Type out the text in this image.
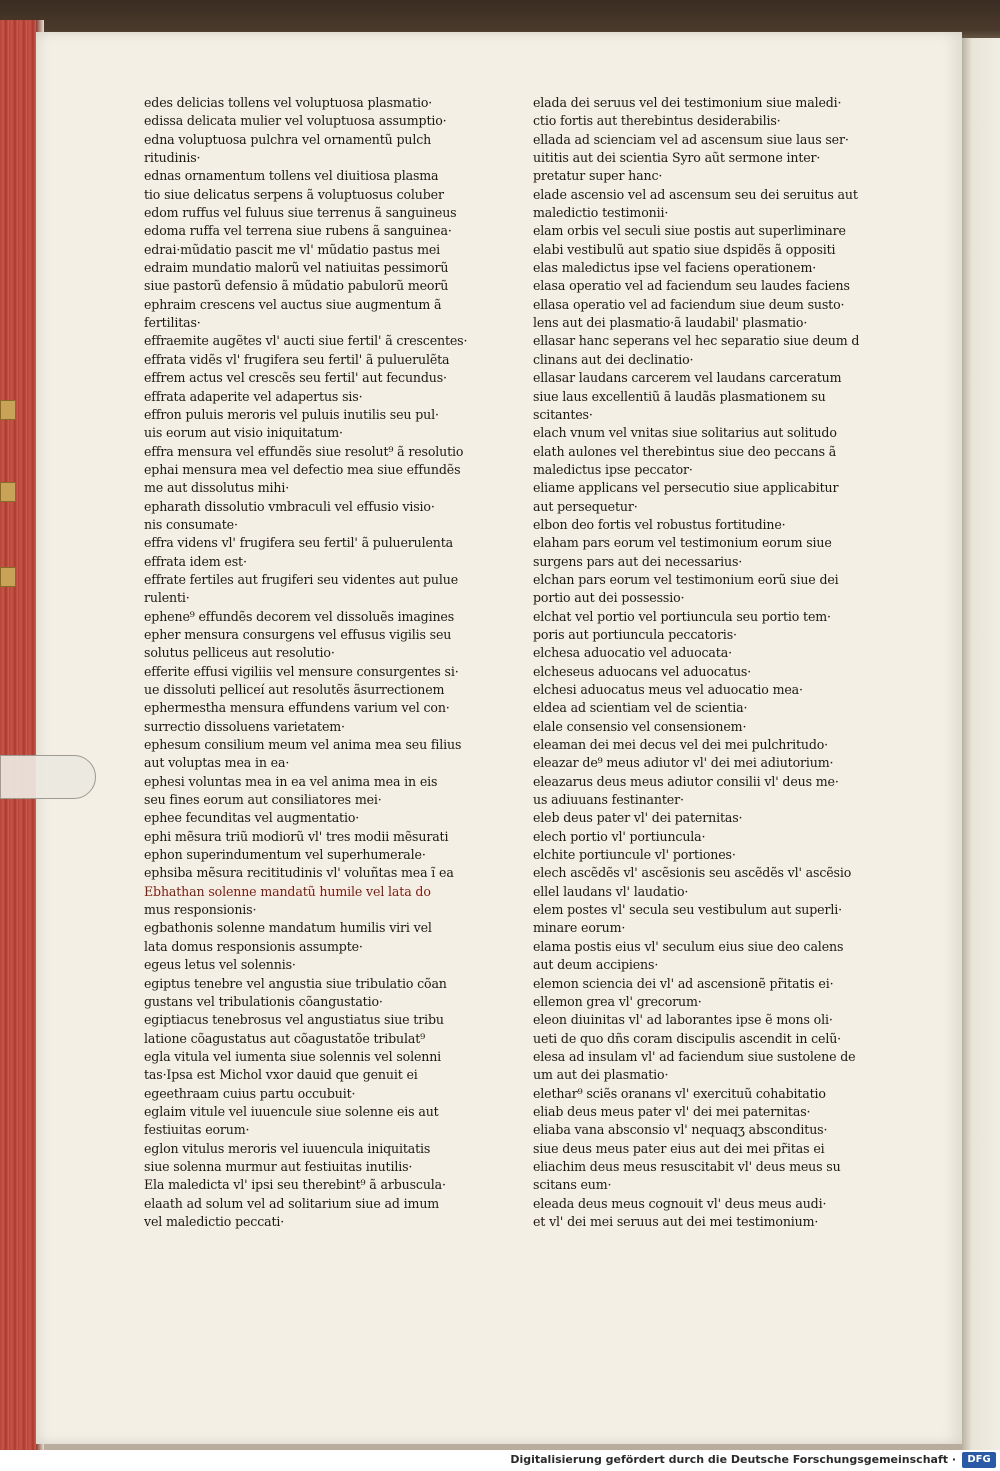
edes delicias tollens vel voluptuosa plasmatio·
edissa delicata mulier vel voluptuosa assumptio·
edna voluptuosa pulchra vel ornamentũ pulch
ritudinis·
ednas ornamentum tollens vel diuitiosa plasma
tio siue delicatus serpens ã voluptuosus coluber
edom ruffus vel fuluus siue terrenus ã sanguineus
edoma ruffa vel terrena siue rubens ã sanguinea·
edrai·mũdatio pascit me vl' mũdatio pastus mei
edraim mundatio malorũ vel natiuitas pessimorũ
siue pastorũ defensio ã mũdatio pabulorũ meorũ
ephraim crescens vel auctus siue augmentum ã
fertilitas·
effraemite augẽtes vl' aucti siue fertil' ã crescentes·
effrata vidẽs vl' frugifera seu fertil' ã puluerulẽta
effrem actus vel crescẽs seu fertil' aut fecundus·
effrata adaperite vel adapertus sis·
effron puluis meroris vel puluis inutilis seu pul·
uis eorum aut visio iniquitatum·
effra mensura vel effundẽs siue resolut⁹ ã resolutio
ephai mensura mea vel defectio mea siue effundẽs
me aut dissolutus mihi·
epharath dissolutio vmbraculi vel effusio visio·
nis consumate·
effra videns vl' frugifera seu fertil' ã puluerulenta
effrata idem est·
effrate fertiles aut frugiferi seu videntes aut pulue
rulenti·
ephene⁹ effundẽs decorem vel dissoluẽs imagines
epher mensura consurgens vel effusus vigilis seu
solutus pelliceus aut resolutio·
efferite effusi vigiliis vel mensure consurgentes si·
ue dissoluti pelliceí aut resolutẽs ãsurrectionem
ephermestha mensura effundens varium vel con·
surrectio dissoluens varietatem·
ephesum consilium meum vel anima mea seu filius
aut voluptas mea in ea·
ephesi voluntas mea in ea vel anima mea in eis
seu fines eorum aut consiliatores mei·
ephee fecunditas vel augmentatio·
ephi mẽsura triũ modiorũ vl' tres modii mẽsurati
ephon superindumentum vel superhumerale·
ephsiba mẽsura recititudinis vl' voluñtas mea ĩ ea
Ebhathan solenne mandatũ humile vel lata do
mus responsionis·
egbathonis solenne mandatum humilis viri vel
lata domus responsionis assumpte·
egeus letus vel solennis·
egiptus tenebre vel angustia siue tribulatio cõan
gustans vel tribulationis cõangustatio·
egiptiacus tenebrosus vel angustiatus siue tribu
latione cõagustatus aut cõagustatõe tribulat⁹
egla vitula vel iumenta siue solennis vel solenni
tas·Ipsa est Michol vxor dauid que genuit ei
egeethraam cuius partu occubuit·
eglaim vitule vel iuuencule siue solenne eis aut
festiuitas eorum·
eglon vitulus meroris vel iuuencula iniquitatis
siue solenna murmur aut festiuitas inutilis·
Ela maledicta vl' ipsi seu therebint⁹ ã arbuscula·
elaath ad solum vel ad solitarium siue ad imum
vel maledictio peccati·
elada dei seruus vel dei testimonium siue maledi·
ctio fortis aut therebintus desiderabilis·
ellada ad scienciam vel ad ascensum siue laus ser·
uititis aut dei scientia Syro aũt sermone inter·
pretatur super hanc·
elade ascensio vel ad ascensum seu dei seruitus aut
maledictio testimonii·
elam orbis vel seculi siue postis aut superliminare
elabi vestibulũ aut spatio siue dspidẽs ã oppositi
elas maledictus ipse vel faciens operationem·
elasa operatio vel ad faciendum seu laudes faciens
ellasa operatio vel ad faciendum siue deum susto·
lens aut dei plasmatio·ã laudabil' plasmatio·
ellasar hanc seperans vel hec separatio siue deum d
clinans aut dei declinatio·
ellasar laudans carcerem vel laudans carceratum
siue laus excellentiũ ã laudãs plasmationem su
scitantes·
elach vnum vel vnitas siue solitarius aut solitudo
elath aulones vel therebintus siue deo peccans ã
maledictus ipse peccator·
eliame applicans vel persecutio siue applicabitur
aut persequetur·
elbon deo fortis vel robustus fortitudine·
elaham pars eorum vel testimonium eorum siue
surgens pars aut dei necessarius·
elchan pars eorum vel testimonium eorũ siue dei
portio aut dei possessio·
elchat vel portio vel portiuncula seu portio tem·
poris aut portiuncula peccatoris·
elchesa aduocatio vel aduocata·
elcheseus aduocans vel aduocatus·
elchesi aduocatus meus vel aduocatio mea·
eldea ad scientiam vel de scientia·
elale consensio vel consensionem·
eleaman dei mei decus vel dei mei pulchritudo·
eleazar de⁹ meus adiutor vl' dei mei adiutorium·
eleazarus deus meus adiutor consilii vl' deus me·
us adiuuans festinanter·
eleb deus pater vl' dei paternitas·
elech portio vl' portiuncula·
elchite portiuncule vl' portiones·
elech ascẽdẽs vl' ascẽsionis seu ascẽdẽs vl' ascẽsio
ellel laudans vl' laudatio·
elem postes vl' secula seu vestibulum aut superli·
minare eorum·
elama postis eius vl' seculum eius siue deo calens
aut deum accipiens·
elemon sciencia dei vl' ad ascensionẽ pr̃itatis ei·
ellemon grea vl' grecorum·
eleon diuinitas vl' ad laborantes ipse ẽ mons oli·
ueti de quo dñs coram discipulis ascendit in celũ·
elesa ad insulam vl' ad faciendum siue sustolene de
um aut dei plasmatio·
elethar⁹ sciẽs oranans vl' exercituũ cohabitatio
eliab deus meus pater vl' dei mei paternitas·
eliaba vana absconsio vl' nequaqʒ absconditus·
siue deus meus pater eius aut dei mei pr̃itas ei
eliachim deus meus resuscitabit vl' deus meus su
scitans eum·
eleada deus meus cognouit vl' deus meus audi·
et vl' dei mei seruus aut dei mei testimonium·
Digitalisierung gefördert durch die Deutsche Forschungsgemeinschaft ·	DFG
